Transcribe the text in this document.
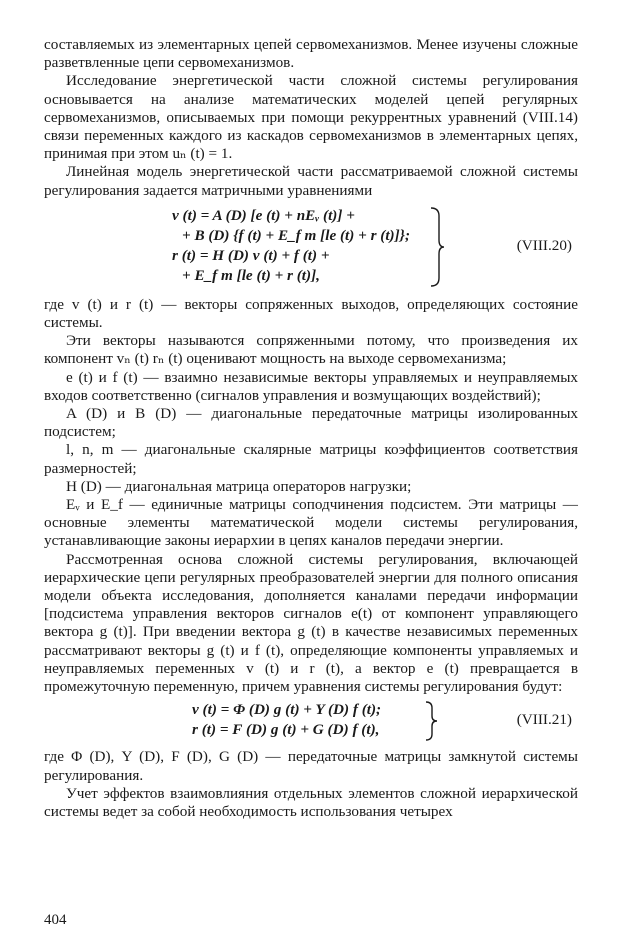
составляемых из элементарных цепей сервомеханизмов. Менее изучены сложные разветвленные цепи сервомеханизмов.

Исследование энергетической части сложной системы регулирования основывается на анализе математических моделей цепей регулярных сервомеханизмов, описываемых при помощи рекуррентных уравнений (VIII.14) связи переменных каждого из каскадов сервомеханизмов в элементарных цепях, принимая при этом uₙ (t) = 1.

Линейная модель энергетической части рассматриваемой сложной системы регулирования задается матричными уравнениями

v (t) = A (D) [e (t) + nEᵥ (t)] +
+ B (D) {f (t) + E_f m [le (t) + r (t)]};
r (t) = H (D) v (t) + f (t) +
+ E_f m [le (t) + r (t)],
(VIII.20)

где v (t) и r (t) — векторы сопряженных выходов, определяющих состояние системы.

Эти векторы называются сопряженными потому, что произведения их компонент vₙ (t) rₙ (t) оценивают мощность на выходе сервомеханизма;

e (t) и f (t) — взаимно независимые векторы управляемых и неуправляемых входов соответственно (сигналов управления и возмущающих воздействий);

A (D) и B (D) — диагональные передаточные матрицы изолированных подсистем;

l, n, m — диагональные скалярные матрицы коэффициентов соответствия размерностей;

H (D) — диагональная матрица операторов нагрузки;

Eᵥ и E_f — единичные матрицы соподчинения подсистем. Эти матрицы — основные элементы математической модели системы регулирования, устанавливающие законы иерархии в цепях каналов передачи энергии.

Рассмотренная основа сложной системы регулирования, включающей иерархические цепи регулярных преобразователей энергии для полного описания модели объекта исследования, дополняется каналами передачи информации [подсистема управления векторов сигналов e(t) от компонент управляющего вектора g (t)]. При введении вектора g (t) в качестве независимых переменных рассматривают векторы g (t) и f (t), определяющие компоненты управляемых и неуправляемых переменных v (t) и r (t), а вектор e (t) превращается в промежуточную переменную, причем уравнения системы регулирования будут:

v (t) = Φ (D) g (t) + Y (D) f (t);
r (t) = F (D) g (t) + G (D) f (t),
(VIII.21)

где Φ (D), Y (D), F (D), G (D) — передаточные матрицы замкнутой системы регулирования.

Учет эффектов взаимовлияния отдельных элементов сложной иерархической системы ведет за собой необходимость использования четырех

404
